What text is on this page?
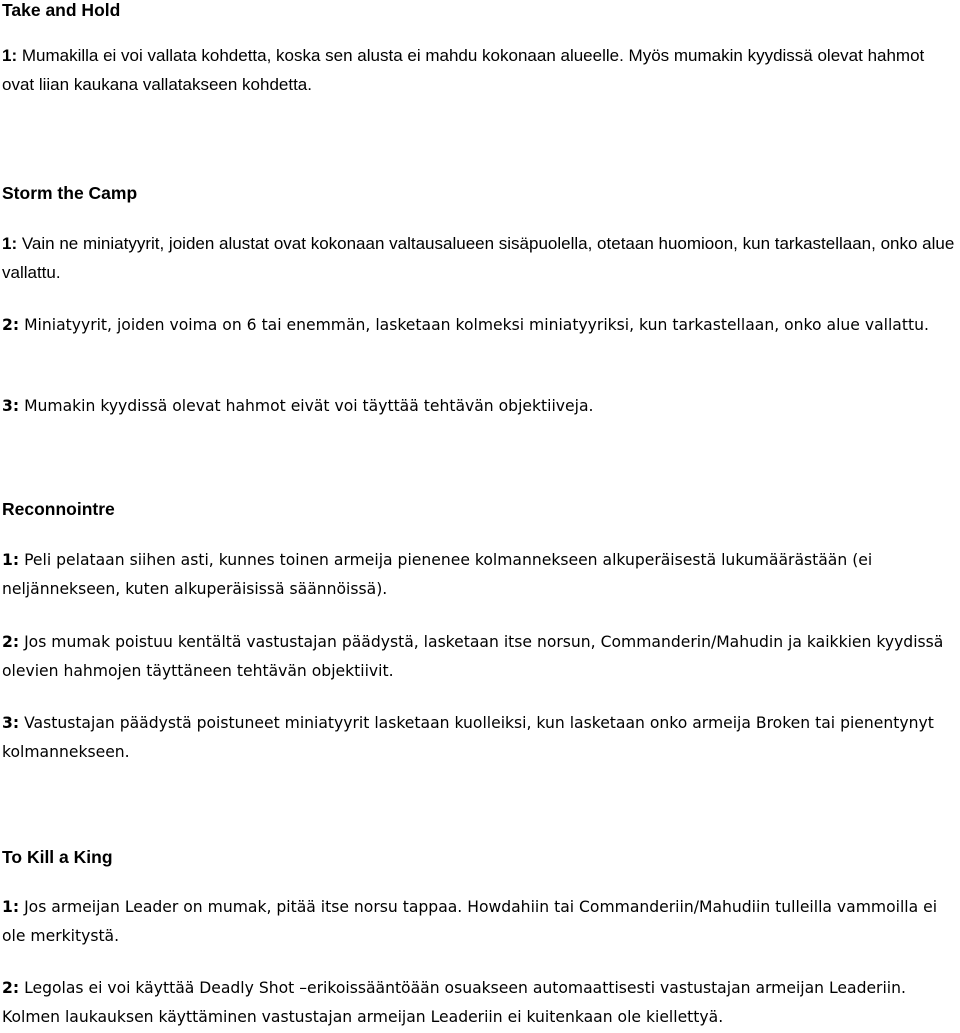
Take and Hold

1: Mumakilla ei voi vallata kohdetta, koska sen alusta ei mahdu kokonaan alueelle. Myös mumakin kyydissä olevat hahmot ovat liian kaukana vallatakseen kohdetta.

Storm the Camp

1: Vain ne miniatyyrit, joiden alustat ovat kokonaan valtausalueen sisäpuolella, otetaan huomioon, kun tarkastellaan, onko alue vallattu.

2: Miniatyyrit, joiden voima on 6 tai enemmän, lasketaan kolmeksi miniatyyriksi, kun tarkastellaan, onko alue vallattu.

3: Mumakin kyydissä olevat hahmot eivät voi täyttää tehtävän objektiiveja.

Reconnointre

1: Peli pelataan siihen asti, kunnes toinen armeija pienenee kolmannekseen alkuperäisestä lukumäärästään (ei neljännekseen, kuten alkuperäisissä säännöissä).

2: Jos mumak poistuu kentältä vastustajan päädystä, lasketaan itse norsun, Commanderin/Mahudin ja kaikkien kyydissä olevien hahmojen täyttäneen tehtävän objektiivit.

3: Vastustajan päädystä poistuneet miniatyyrit lasketaan kuolleiksi, kun lasketaan onko armeija Broken tai pienentynyt kolmannekseen.

To Kill a King

1: Jos armeijan Leader on mumak, pitää itse norsu tappaa. Howdahiin tai Commanderiin/Mahudiin tulleilla vammoilla ei ole merkitystä.

2: Legolas ei voi käyttää Deadly Shot –erikoissääntöään osuakseen automaattisesti vastustajan armeijan Leaderiin. Kolmen laukauksen käyttäminen vastustajan armeijan Leaderiin ei kuitenkaan ole kiellettyä.
